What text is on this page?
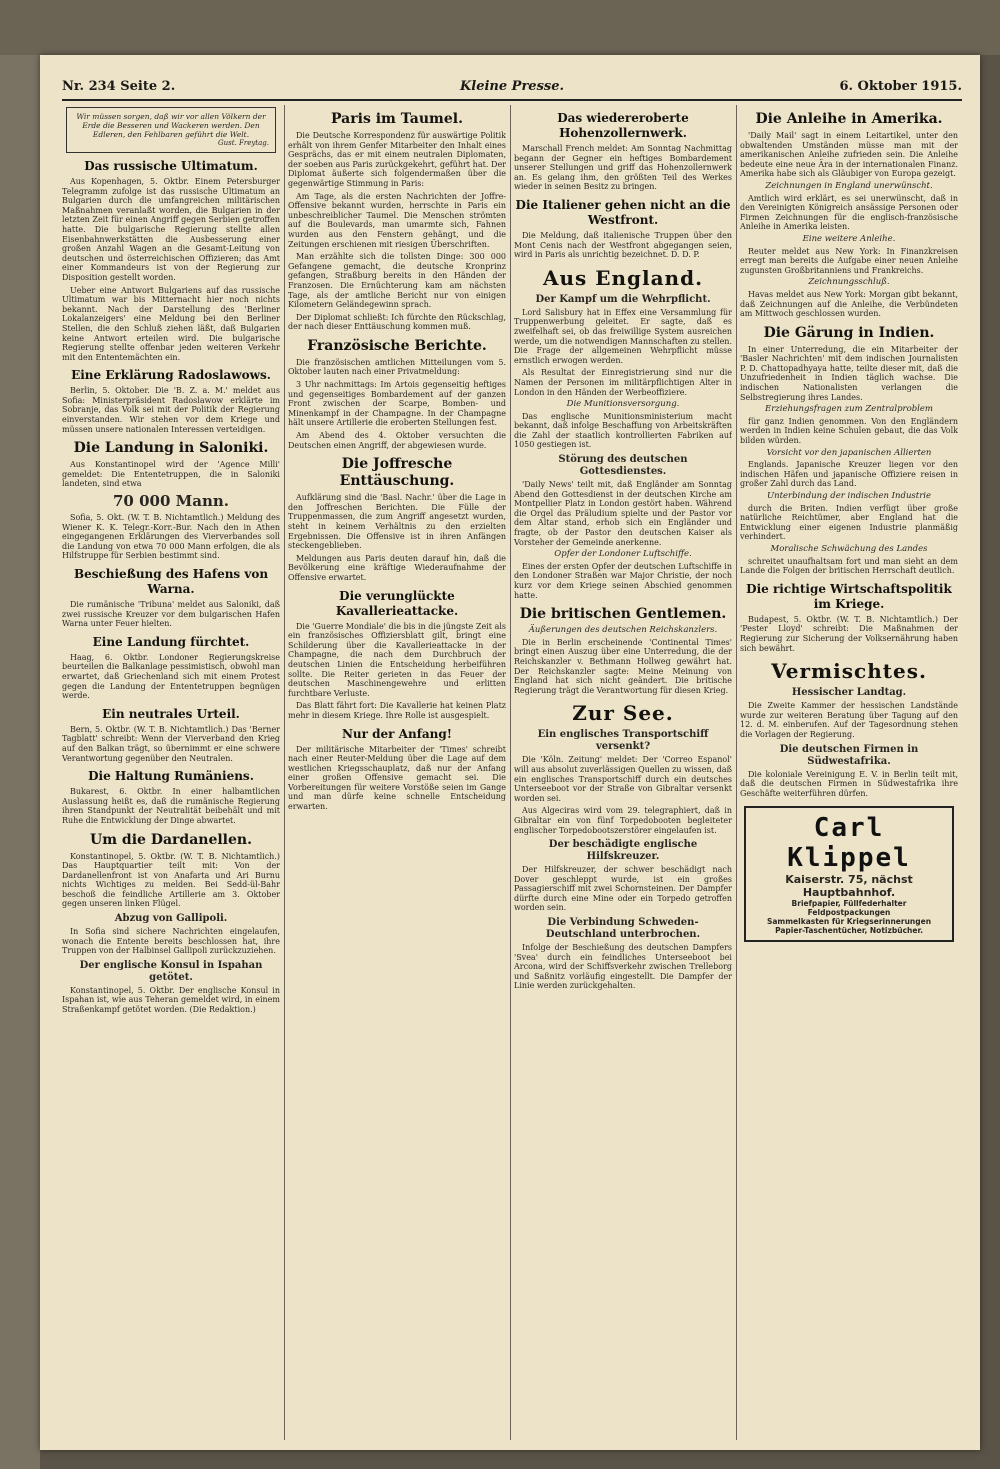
Nr. 234 Seite 2.	Kleine Presse.	6. Oktober 1915.
Wir müssen sorgen, daß wir vor allen Völkern der Erde die Besseren und Wackeren werden. Den Edleren, den Fehlbaren geführt die Welt.
Gust. Freytag.
Das russische Ultimatum.

Aus Kopenhagen, 5. Oktbr. Einem Petersburger Telegramm zufolge ist das russische Ultimatum an Bulgarien durch die umfangreichen militärischen Maßnahmen veranlaßt worden, die Bulgarien in der letzten Zeit für einen Angriff gegen Serbien getroffen hatte. Die bulgarische Regierung stellte allen Eisenbahnwerkstätten die Ausbesserung einer großen Anzahl Wagen an die Gesamt-Leitung von deutschen und österreichischen Offizieren; das Amt einer Kommandeurs ist von der Regierung zur Disposition gestellt worden.

Ueber eine Antwort Bulgariens auf das russische Ultimatum war bis Mitternacht hier noch nichts bekannt. Nach der Darstellung des 'Berliner Lokalanzeigers' eine Meldung bei den Berliner Stellen, die den Schluß ziehen läßt, daß Bulgarien keine Antwort erteilen wird. Die bulgarische Regierung stellte offenbar jeden weiteren Verkehr mit den Ententemächten ein.

Eine Erklärung Radoslawows.

Berlin, 5. Oktober. Die 'B. Z. a. M.' meldet aus Sofia: Ministerpräsident Radoslawow erklärte im Sobranje, das Volk sei mit der Politik der Regierung einverstanden. Wir stehen vor dem Kriege und müssen unsere nationalen Interessen verteidigen.

Die Landung in Saloniki.

Aus Konstantinopel wird der 'Agence Milli' gemeldet: Die Ententetruppen, die in Saloniki landeten, sind etwa

70 000 Mann.

Sofia, 5. Okt. (W. T. B. Nichtamtlich.) Meldung des Wiener K. K. Telegr.-Korr.-Bur. Nach den in Athen eingegangenen Erklärungen des Vierverbandes soll die Landung von etwa 70 000 Mann erfolgen, die als Hilfstruppe für Serbien bestimmt sind.

Beschießung des Hafens von Warna.

Die rumänische 'Tribuna' meldet aus Saloniki, daß zwei russische Kreuzer vor dem bulgarischen Hafen Warna unter Feuer hielten.

Eine Landung fürchtet.

Haag, 6. Oktbr. Londoner Regierungskreise beurteilen die Balkanlage pessimistisch, obwohl man erwartet, daß Griechenland sich mit einem Protest gegen die Landung der Ententetruppen begnügen werde.

Ein neutrales Urteil.

Bern, 5. Oktbr. (W. T. B. Nichtamtlich.) Das 'Berner Tagblatt' schreibt: Wenn der Vierverband den Krieg auf den Balkan trägt, so übernimmt er eine schwere Verantwortung gegenüber den Neutralen.

Die Haltung Rumäniens.

Bukarest, 6. Oktbr. In einer halbamtlichen Auslassung heißt es, daß die rumänische Regierung ihren Standpunkt der Neutralität beibehält und mit Ruhe die Entwicklung der Dinge abwartet.

Um die Dardanellen.

Konstantinopel, 5. Oktbr. (W. T. B. Nichtamtlich.) Das Hauptquartier teilt mit: Von der Dardanellenfront ist von Anafarta und Ari Burnu nichts Wichtiges zu melden. Bei Sedd-ül-Bahr beschoß die feindliche Artillerie am 3. Oktober gegen unseren linken Flügel.

Abzug von Gallipoli.

In Sofia sind sichere Nachrichten eingelaufen, wonach die Entente bereits beschlossen hat, ihre Truppen von der Halbinsel Gallipoli zurückzuziehen.

Der englische Konsul in Ispahan getötet.

Konstantinopel, 5. Oktbr. Der englische Konsul in Ispahan ist, wie aus Teheran gemeldet wird, in einem Straßenkampf getötet worden. (Die Redaktion.)

Paris im Taumel.

Die Deutsche Korrespondenz für auswärtige Politik erhält von ihrem Genfer Mitarbeiter den Inhalt eines Gesprächs, das er mit einem neutralen Diplomaten, der soeben aus Paris zurückgekehrt, geführt hat. Der Diplomat äußerte sich folgendermaßen über die gegenwärtige Stimmung in Paris:

Am Tage, als die ersten Nachrichten der Joffre-Offensive bekannt wurden, herrschte in Paris ein unbeschreiblicher Taumel. Die Menschen strömten auf die Boulevards, man umarmte sich, Fahnen wurden aus den Fenstern gehängt, und die Zeitungen erschienen mit riesigen Überschriften.

Man erzählte sich die tollsten Dinge: 300 000 Gefangene gemacht, die deutsche Kronprinz gefangen, Straßburg bereits in den Händen der Franzosen. Die Ernüchterung kam am nächsten Tage, als der amtliche Bericht nur von einigen Kilometern Geländegewinn sprach.

Der Diplomat schließt: Ich fürchte den Rückschlag, der nach dieser Enttäuschung kommen muß.

Französische Berichte.

Die französischen amtlichen Mitteilungen vom 5. Oktober lauten nach einer Privatmeldung:

3 Uhr nachmittags: Im Artois gegenseitig heftiges und gegenseitiges Bombardement auf der ganzen Front zwischen der Scarpe, Bomben- und Minenkampf in der Champagne. In der Champagne hält unsere Artillerie die eroberten Stellungen fest.

Am Abend des 4. Oktober versuchten die Deutschen einen Angriff, der abgewiesen wurde.

Die Joffresche Enttäuschung.

Aufklärung sind die 'Basl. Nachr.' über die Lage in den Joffreschen Berichten. Die Fülle der Truppenmassen, die zum Angriff angesetzt wurden, steht in keinem Verhältnis zu den erzielten Ergebnissen. Die Offensive ist in ihren Anfängen steckengeblieben.

Meldungen aus Paris deuten darauf hin, daß die Bevölkerung eine kräftige Wiederaufnahme der Offensive erwartet.

Die verunglückte Kavallerieattacke.

Die 'Guerre Mondiale' die bis in die jüngste Zeit als ein französisches Offiziersblatt gilt, bringt eine Schilderung über die Kavallerieattacke in der Champagne, die nach dem Durchbruch der deutschen Linien die Entscheidung herbeiführen sollte. Die Reiter gerieten in das Feuer der deutschen Maschinengewehre und erlitten furchtbare Verluste.

Das Blatt fährt fort: Die Kavallerie hat keinen Platz mehr in diesem Kriege. Ihre Rolle ist ausgespielt.

Nur der Anfang!

Der militärische Mitarbeiter der 'Times' schreibt nach einer Reuter-Meldung über die Lage auf dem westlichen Kriegsschauplatz, daß nur der Anfang einer großen Offensive gemacht sei. Die Vorbereitungen für weitere Vorstöße seien im Gange und man dürfe keine schnelle Entscheidung erwarten.

Das wiedereroberte Hohenzollernwerk.

Marschall French meldet: Am Sonntag Nachmittag begann der Gegner ein heftiges Bombardement unserer Stellungen und griff das Hohenzollernwerk an. Es gelang ihm, den größten Teil des Werkes wieder in seinen Besitz zu bringen.

Die Italiener gehen nicht an die Westfront.

Die Meldung, daß italienische Truppen über den Mont Cenis nach der Westfront abgegangen seien, wird in Paris als unrichtig bezeichnet. D. D. P.

Aus England.
Der Kampf um die Wehrpflicht.

Lord Salisbury hat in Effex eine Versammlung für Truppenwerbung geleitet. Er sagte, daß es zweifelhaft sei, ob das freiwillige System ausreichen werde, um die notwendigen Mannschaften zu stellen. Die Frage der allgemeinen Wehrpflicht müsse ernstlich erwogen werden.

Als Resultat der Einregistrierung sind nur die Namen der Personen im militärpflichtigen Alter in London in den Händen der Werbeoffiziere.

Die Munitionsversorgung.

Das englische Munitionsministerium macht bekannt, daß infolge Beschaffung von Arbeitskräften die Zahl der staatlich kontrollierten Fabriken auf 1050 gestiegen ist.

Störung des deutschen Gottesdienstes.

'Daily News' teilt mit, daß Engländer am Sonntag Abend den Gottesdienst in der deutschen Kirche am Montpellier Platz in London gestört haben. Während die Orgel das Präludium spielte und der Pastor vor dem Altar stand, erhob sich ein Engländer und fragte, ob der Pastor den deutschen Kaiser als Vorsteher der Gemeinde anerkenne.

Opfer der Londoner Luftschiffe.

Eines der ersten Opfer der deutschen Luftschiffe in den Londoner Straßen war Major Christie, der noch kurz vor dem Kriege seinen Abschied genommen hatte.

Die britischen Gentlemen.
Äußerungen des deutschen Reichskanzlers.

Die in Berlin erscheinende 'Continental Times' bringt einen Auszug über eine Unterredung, die der Reichskanzler v. Bethmann Hollweg gewährt hat. Der Reichskanzler sagte: Meine Meinung von England hat sich nicht geändert. Die britische Regierung trägt die Verantwortung für diesen Krieg.

Zur See.
Ein englisches Transportschiff versenkt?

Die 'Köln. Zeitung' meldet: Der 'Correo Espanol' will aus absolut zuverlässigen Quellen zu wissen, daß ein englisches Transportschiff durch ein deutsches Unterseeboot vor der Straße von Gibraltar versenkt worden sei.

Aus Algeciras wird vom 29. telegraphiert, daß in Gibraltar ein von fünf Torpedobooten begleiteter englischer Torpedobootszerstörer eingelaufen ist.

Der beschädigte englische Hilfskreuzer.

Der Hilfskreuzer, der schwer beschädigt nach Dover geschleppt wurde, ist ein großes Passagierschiff mit zwei Schornsteinen. Der Dampfer dürfte durch eine Mine oder ein Torpedo getroffen worden sein.

Die Verbindung Schweden-Deutschland unterbrochen.

Infolge der Beschießung des deutschen Dampfers 'Svea' durch ein feindliches Unterseeboot bei Arcona, wird der Schiffsverkehr zwischen Trelleborg und Saßnitz vorläufig eingestellt. Die Dampfer der Linie werden zurückgehalten.

Die Anleihe in Amerika.

'Daily Mail' sagt in einem Leitartikel, unter den obwaltenden Umständen müsse man mit der amerikanischen Anleihe zufrieden sein. Die Anleihe bedeute eine neue Ära in der internationalen Finanz. Amerika habe sich als Gläubiger von Europa gezeigt.

Zeichnungen in England unerwünscht.

Amtlich wird erklärt, es sei unerwünscht, daß in den Vereinigten Königreich ansässige Personen oder Firmen Zeichnungen für die englisch-französische Anleihe in Amerika leisten.

Eine weitere Anleihe.

Reuter meldet aus New York: In Finanzkreisen erregt man bereits die Aufgabe einer neuen Anleihe zugunsten Großbritanniens und Frankreichs.

Zeichnungsschluß.

Havas meldet aus New York: Morgan gibt bekannt, daß Zeichnungen auf die Anleihe, die Verbündeten am Mittwoch geschlossen wurden.

Die Gärung in Indien.

In einer Unterredung, die ein Mitarbeiter der 'Basler Nachrichten' mit dem indischen Journalisten P. D. Chattopadhyaya hatte, teilte dieser mit, daß die Unzufriedenheit in Indien täglich wachse. Die indischen Nationalisten verlangen die Selbstregierung ihres Landes.

Erziehungsfragen zum Zentralproblem

für ganz Indien genommen. Von den Engländern werden in Indien keine Schulen gebaut, die das Volk bilden würden.

Vorsicht vor den japanischen Allierten

Englands. Japanische Kreuzer liegen vor den indischen Häfen und japanische Offiziere reisen in großer Zahl durch das Land.

Unterbindung der indischen Industrie

durch die Briten. Indien verfügt über große natürliche Reichtümer, aber England hat die Entwicklung einer eigenen Industrie planmäßig verhindert.

Moralische Schwächung des Landes

schreitet unaufhaltsam fort und man sieht an dem Lande die Folgen der britischen Herrschaft deutlich.

Die richtige Wirtschaftspolitik im Kriege.

Budapest, 5. Oktbr. (W. T. B. Nichtamtlich.) Der 'Pester Lloyd' schreibt: Die Maßnahmen der Regierung zur Sicherung der Volksernährung haben sich bewährt.

Vermischtes.
Hessischer Landtag.

Die Zweite Kammer der hessischen Landstände wurde zur weiteren Beratung über Tagung auf den 12. d. M. einberufen. Auf der Tagesordnung stehen die Vorlagen der Regierung.

Die deutschen Firmen in Südwestafrika.

Die koloniale Vereinigung E. V. in Berlin teilt mit, daß die deutschen Firmen in Südwestafrika ihre Geschäfte weiterführen dürfen.

Carl Klippel
Kaiserstr. 75, nächst Hauptbahnhof.
Briefpapier, Füllfederhalter
Feldpostpackungen
Sammelkasten für Kriegserinnerungen
Papier-Taschentücher, Notizbücher.
